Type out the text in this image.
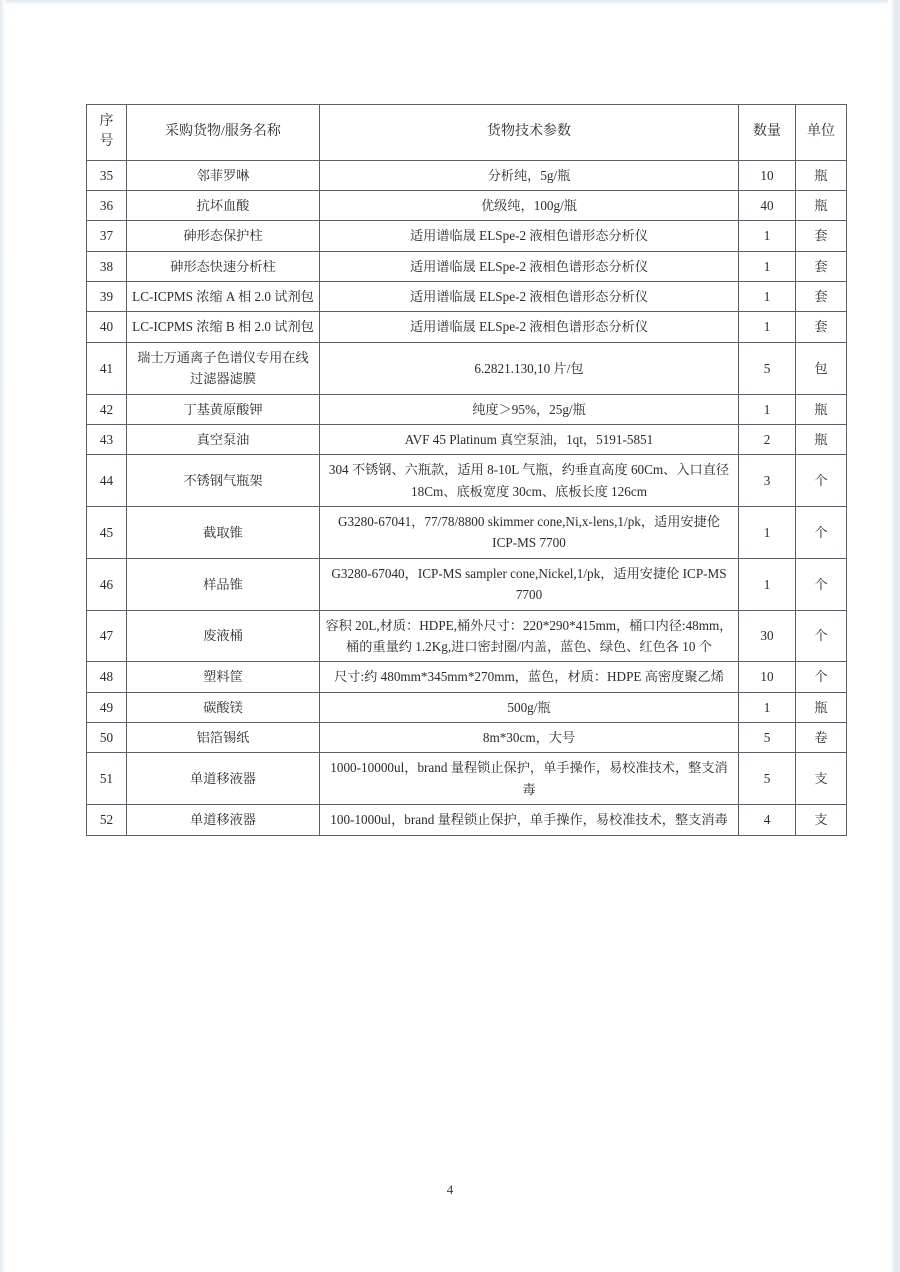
序
号	采购货物/服务名称	货物技术参数	数量	单位
35	邻菲罗啉	分析纯，5g/瓶	10	瓶
36	抗坏血酸	优级纯，100g/瓶	40	瓶
37	砷形态保护柱	适用谱临晟 ELSpe-2 液相色谱形态分析仪	1	套
38	砷形态快速分析柱	适用谱临晟 ELSpe-2 液相色谱形态分析仪	1	套
39	LC-ICPMS 浓缩 A 相 2.0 试剂包	适用谱临晟 ELSpe-2 液相色谱形态分析仪	1	套
40	LC-ICPMS 浓缩 B 相 2.0 试剂包	适用谱临晟 ELSpe-2 液相色谱形态分析仪	1	套
41	瑞士万通离子色谱仪专用在线过滤器滤膜	6.2821.130,10 片/包	5	包
42	丁基黄原酸钾	纯度＞95%，25g/瓶	1	瓶
43	真空泵油	AVF 45 Platinum 真空泵油，1qt，5191-5851	2	瓶
44	不锈钢气瓶架	304 不锈钢、六瓶款，适用 8-10L 气瓶，约垂直高度 60Cm、入口直径 18Cm、底板宽度 30cm、底板长度 126cm	3	个
45	截取锥	G3280-67041，77/78/8800 skimmer cone,Ni,x-lens,1/pk，适用安捷伦 ICP-MS 7700	1	个
46	样品锥	G3280-67040，ICP-MS sampler cone,Nickel,1/pk，适用安捷伦 ICP-MS 7700	1	个
47	废液桶	容积 20L,材质：HDPE,桶外尺寸：220*290*415mm，桶口内径:48mm，桶的重量约 1.2Kg,进口密封圈/内盖，蓝色、绿色、红色各 10 个	30	个
48	塑料筐	尺寸:约 480mm*345mm*270mm，蓝色，材质：HDPE 高密度聚乙烯	10	个
49	碳酸镁	500g/瓶	1	瓶
50	铝箔锡纸	8m*30cm，大号	5	卷
51	单道移液器	1000-10000ul，brand 量程锁止保护，单手操作，易校准技术，整支消毒	5	支
52	单道移液器	100-1000ul，brand 量程锁止保护，单手操作，易校准技术，整支消毒	4	支
4
